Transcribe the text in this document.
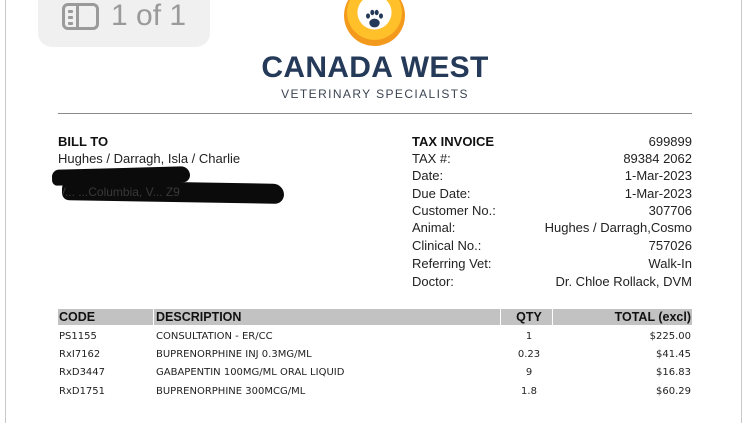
1 of 1
CANADA WEST
VETERINARY SPECIALISTS
BILL TO
Hughes / Darragh, Isla / Charlie
V... ...Columbia, V... Z9
TAX INVOICE	699899
TAX #:	89384 2062
Date:	1-Mar-2023
Due Date:	1-Mar-2023
Customer No.:	307706
Animal:	Hughes / Darragh,Cosmo
Clinical No.:	757026
Referring Vet:	Walk-In
Doctor:	Dr. Chloe Rollack, DVM
CODE	DESCRIPTION	QTY	TOTAL (excl)
PS1155	CONSULTATION - ER/CC	1	$225.00
RxI7162	BUPRENORPHINE INJ 0.3MG/ML	0.23	$41.45
RxD3447	GABAPENTIN 100MG/ML ORAL LIQUID	9	$16.83
RxD1751	BUPRENORPHINE 300MCG/ML	1.8	$60.29
